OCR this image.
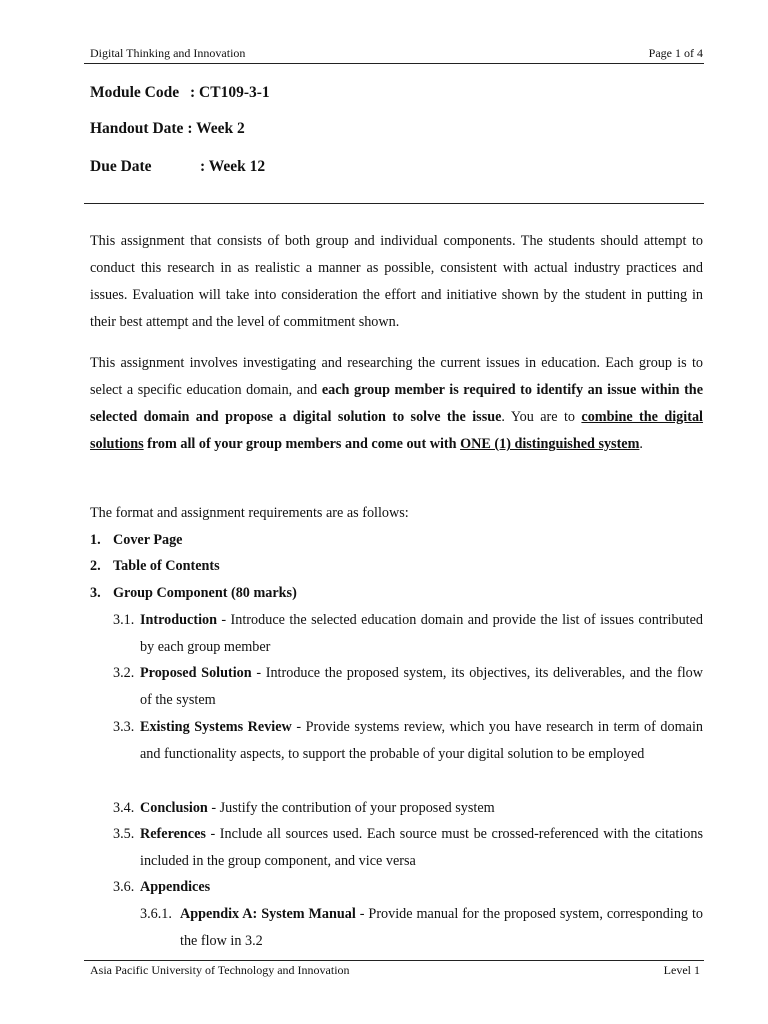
Digital Thinking and Innovation	Page 1 of 4
Module Code : CT109-3-1
Handout Date : Week 2
Due Date	: Week 12

This assignment that consists of both group and individual components. The students should attempt to conduct this research in as realistic a manner as possible, consistent with actual industry practices and issues. Evaluation will take into consideration the effort and initiative shown by the student in putting in their best attempt and the level of commitment shown.

This assignment involves investigating and researching the current issues in education. Each group is to select a specific education domain, and each group member is required to identify an issue within the selected domain and propose a digital solution to solve the issue. You are to combine the digital solutions from all of your group members and come out with ONE (1) distinguished system.

The format and assignment requirements are as follows:
1. Cover Page
2. Table of Contents
3. Group Component (80 marks)
3.1. Introduction - Introduce the selected education domain and provide the list of issues contributed by each group member

3.2. Proposed Solution - Introduce the proposed system, its objectives, its deliverables, and the flow of the system

3.3. Existing Systems Review - Provide systems review, which you have research in term of domain and functionality aspects, to support the probable of your digital solution to be employed

3.4. Conclusion - Justify the contribution of your proposed system

3.5. References - Include all sources used. Each source must be crossed-referenced with the citations included in the group component, and vice versa

3.6. Appendices

3.6.1. Appendix A: System Manual - Provide manual for the proposed system, corresponding to the flow in 3.2

Asia Pacific University of Technology and Innovation	Level 1
